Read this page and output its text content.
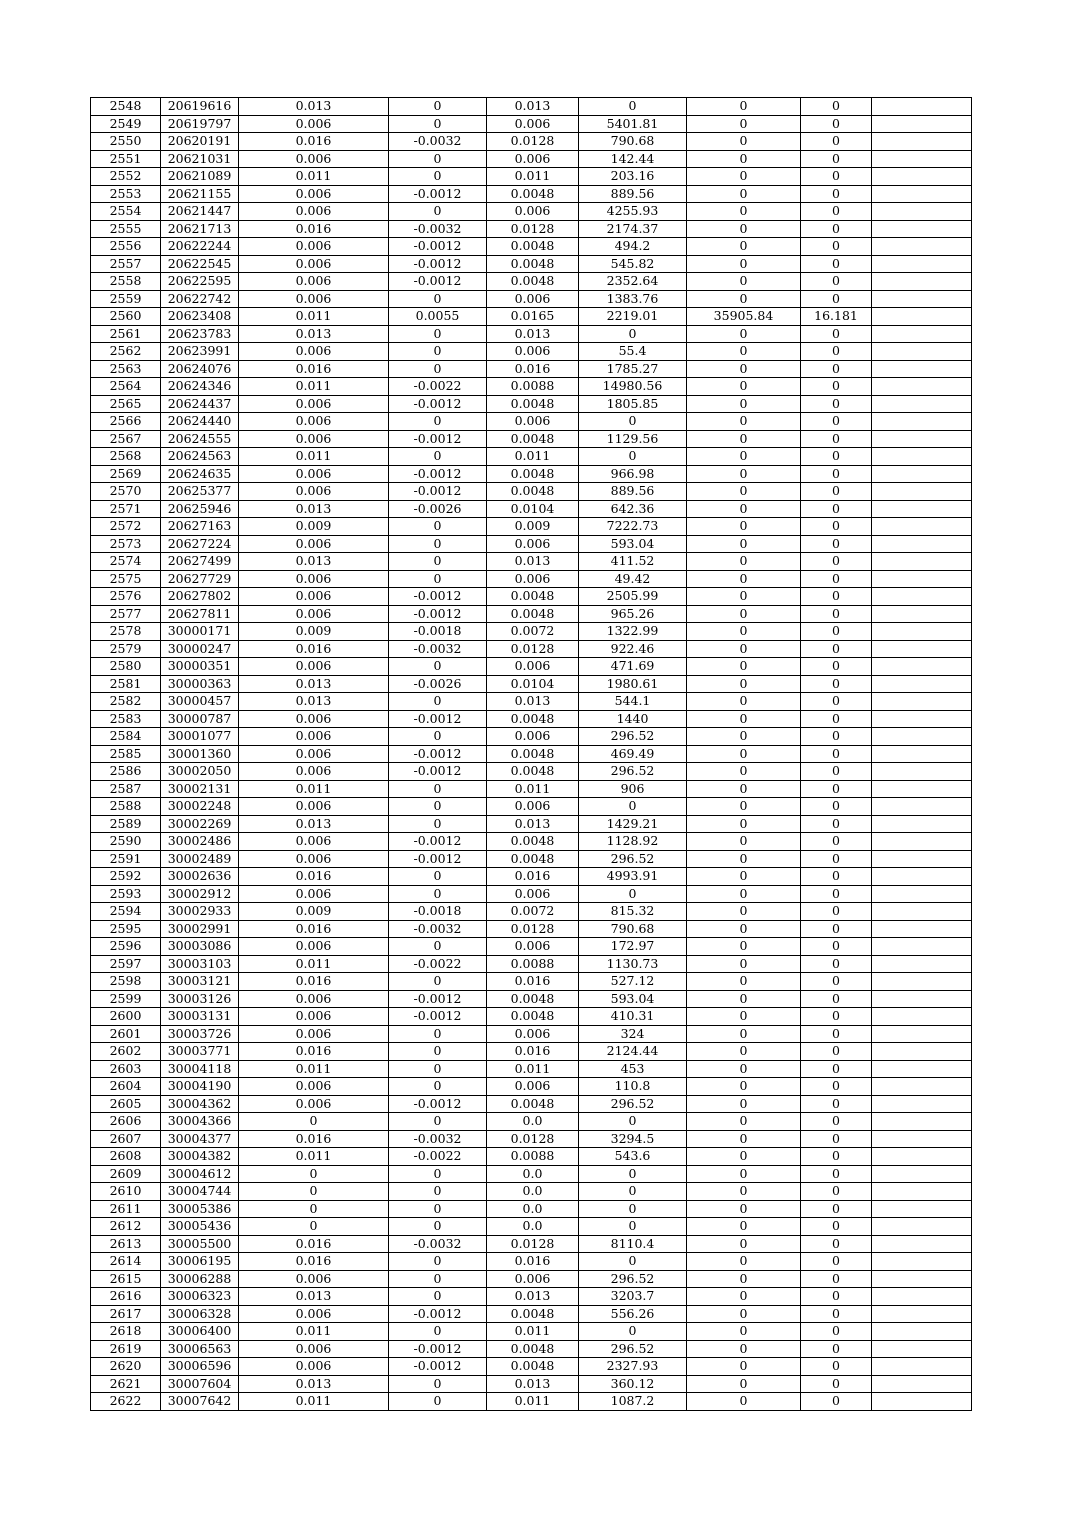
2548	20619616	0.013	0	0.013	0	0	0	
2549	20619797	0.006	0	0.006	5401.81	0	0	
2550	20620191	0.016	-0.0032	0.0128	790.68	0	0	
2551	20621031	0.006	0	0.006	142.44	0	0	
2552	20621089	0.011	0	0.011	203.16	0	0	
2553	20621155	0.006	-0.0012	0.0048	889.56	0	0	
2554	20621447	0.006	0	0.006	4255.93	0	0	
2555	20621713	0.016	-0.0032	0.0128	2174.37	0	0	
2556	20622244	0.006	-0.0012	0.0048	494.2	0	0	
2557	20622545	0.006	-0.0012	0.0048	545.82	0	0	
2558	20622595	0.006	-0.0012	0.0048	2352.64	0	0	
2559	20622742	0.006	0	0.006	1383.76	0	0	
2560	20623408	0.011	0.0055	0.0165	2219.01	35905.84	16.181	
2561	20623783	0.013	0	0.013	0	0	0	
2562	20623991	0.006	0	0.006	55.4	0	0	
2563	20624076	0.016	0	0.016	1785.27	0	0	
2564	20624346	0.011	-0.0022	0.0088	14980.56	0	0	
2565	20624437	0.006	-0.0012	0.0048	1805.85	0	0	
2566	20624440	0.006	0	0.006	0	0	0	
2567	20624555	0.006	-0.0012	0.0048	1129.56	0	0	
2568	20624563	0.011	0	0.011	0	0	0	
2569	20624635	0.006	-0.0012	0.0048	966.98	0	0	
2570	20625377	0.006	-0.0012	0.0048	889.56	0	0	
2571	20625946	0.013	-0.0026	0.0104	642.36	0	0	
2572	20627163	0.009	0	0.009	7222.73	0	0	
2573	20627224	0.006	0	0.006	593.04	0	0	
2574	20627499	0.013	0	0.013	411.52	0	0	
2575	20627729	0.006	0	0.006	49.42	0	0	
2576	20627802	0.006	-0.0012	0.0048	2505.99	0	0	
2577	20627811	0.006	-0.0012	0.0048	965.26	0	0	
2578	30000171	0.009	-0.0018	0.0072	1322.99	0	0	
2579	30000247	0.016	-0.0032	0.0128	922.46	0	0	
2580	30000351	0.006	0	0.006	471.69	0	0	
2581	30000363	0.013	-0.0026	0.0104	1980.61	0	0	
2582	30000457	0.013	0	0.013	544.1	0	0	
2583	30000787	0.006	-0.0012	0.0048	1440	0	0	
2584	30001077	0.006	0	0.006	296.52	0	0	
2585	30001360	0.006	-0.0012	0.0048	469.49	0	0	
2586	30002050	0.006	-0.0012	0.0048	296.52	0	0	
2587	30002131	0.011	0	0.011	906	0	0	
2588	30002248	0.006	0	0.006	0	0	0	
2589	30002269	0.013	0	0.013	1429.21	0	0	
2590	30002486	0.006	-0.0012	0.0048	1128.92	0	0	
2591	30002489	0.006	-0.0012	0.0048	296.52	0	0	
2592	30002636	0.016	0	0.016	4993.91	0	0	
2593	30002912	0.006	0	0.006	0	0	0	
2594	30002933	0.009	-0.0018	0.0072	815.32	0	0	
2595	30002991	0.016	-0.0032	0.0128	790.68	0	0	
2596	30003086	0.006	0	0.006	172.97	0	0	
2597	30003103	0.011	-0.0022	0.0088	1130.73	0	0	
2598	30003121	0.016	0	0.016	527.12	0	0	
2599	30003126	0.006	-0.0012	0.0048	593.04	0	0	
2600	30003131	0.006	-0.0012	0.0048	410.31	0	0	
2601	30003726	0.006	0	0.006	324	0	0	
2602	30003771	0.016	0	0.016	2124.44	0	0	
2603	30004118	0.011	0	0.011	453	0	0	
2604	30004190	0.006	0	0.006	110.8	0	0	
2605	30004362	0.006	-0.0012	0.0048	296.52	0	0	
2606	30004366	0	0	0.0	0	0	0	
2607	30004377	0.016	-0.0032	0.0128	3294.5	0	0	
2608	30004382	0.011	-0.0022	0.0088	543.6	0	0	
2609	30004612	0	0	0.0	0	0	0	
2610	30004744	0	0	0.0	0	0	0	
2611	30005386	0	0	0.0	0	0	0	
2612	30005436	0	0	0.0	0	0	0	
2613	30005500	0.016	-0.0032	0.0128	8110.4	0	0	
2614	30006195	0.016	0	0.016	0	0	0	
2615	30006288	0.006	0	0.006	296.52	0	0	
2616	30006323	0.013	0	0.013	3203.7	0	0	
2617	30006328	0.006	-0.0012	0.0048	556.26	0	0	
2618	30006400	0.011	0	0.011	0	0	0	
2619	30006563	0.006	-0.0012	0.0048	296.52	0	0	
2620	30006596	0.006	-0.0012	0.0048	2327.93	0	0	
2621	30007604	0.013	0	0.013	360.12	0	0	
2622	30007642	0.011	0	0.011	1087.2	0	0	
